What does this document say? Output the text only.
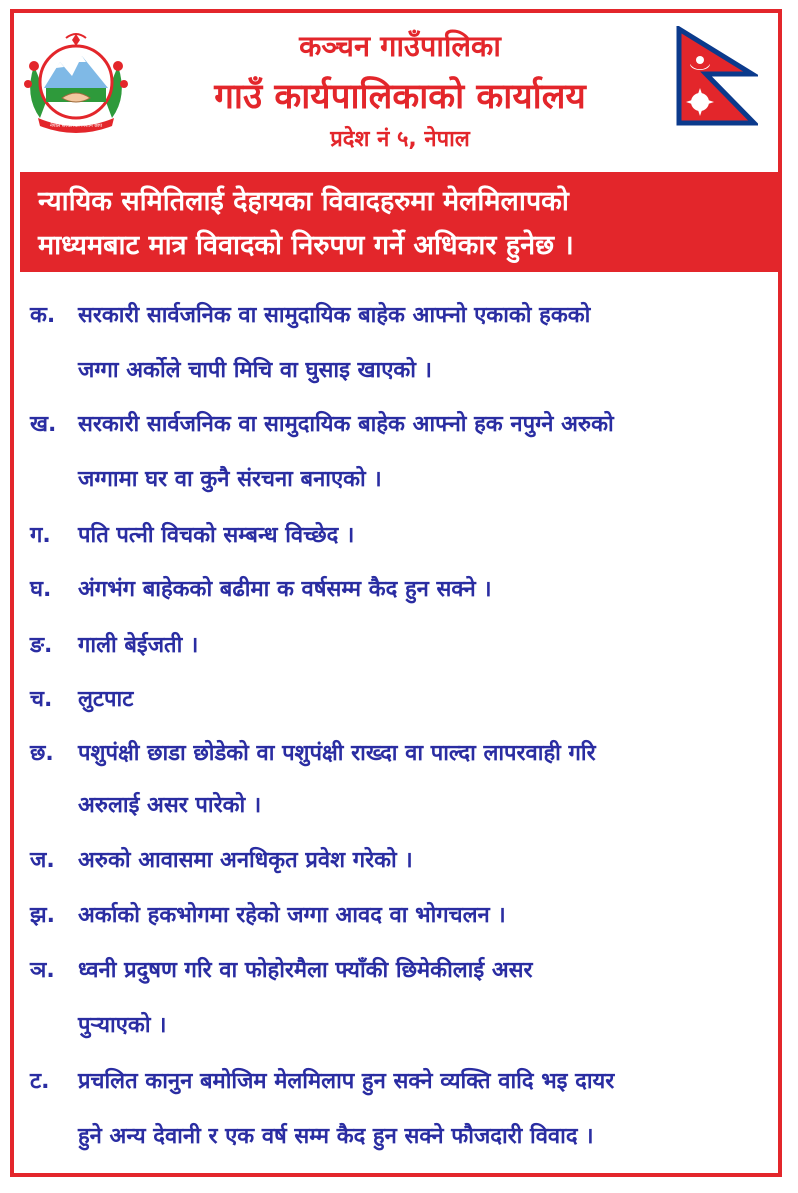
नेपाल सरकारको निशान छाप
कञ्चन गाउँपालिका
गाउँ कार्यपालिकाको कार्यालय
प्रदेश नं ५, नेपाल
न्यायिक समितिलाई देहायका विवादहरुमा मेलमिलापको
माध्यमबाट मात्र विवादको निरुपण गर्ने अधिकार हुनेछ ।
क.	सरकारी सार्वजनिक वा सामुदायिक बाहेक आफ्नो एकाको हकको
जग्गा अर्कोले चापी मिचि वा घुसाइ खाएको ।
ख. सरकारी सार्वजनिक वा सामुदायिक बाहेक आफ्नो हक नपुग्ने अरुको
जग्गामा घर वा कुनै संरचना बनाएको ।
ग.	पति पत्नी विचको सम्बन्ध विच्छेद ।
घ.	अंगभंग बाहेकको बढीमा क वर्षसम्म कैद हुन सक्ने ।
ङ.	गाली बेईजती ।
च.	लुटपाट
छ.	पशुपंक्षी छाडा छोडेको वा पशुपंक्षी राख्दा वा पाल्दा लापरवाही गरि
अरुलाई असर पारेको ।
ज.	अरुको आवासमा अनधिकृत प्रवेश गरेको ।
झ.	अर्काको हकभोगमा रहेको जग्गा आवद वा भोगचलन ।
ञ.	ध्वनी प्रदुषण गरि वा फोहोरमैला फ्याँकी छिमेकीलाई असर
पुर्‍याएको ।
ट.	प्रचलित कानुन बमोजिम मेलमिलाप हुन सक्ने व्यक्ति वादि भइ दायर
हुने अन्य देवानी र एक वर्ष सम्म कैद हुन सक्ने फौजदारी विवाद ।
